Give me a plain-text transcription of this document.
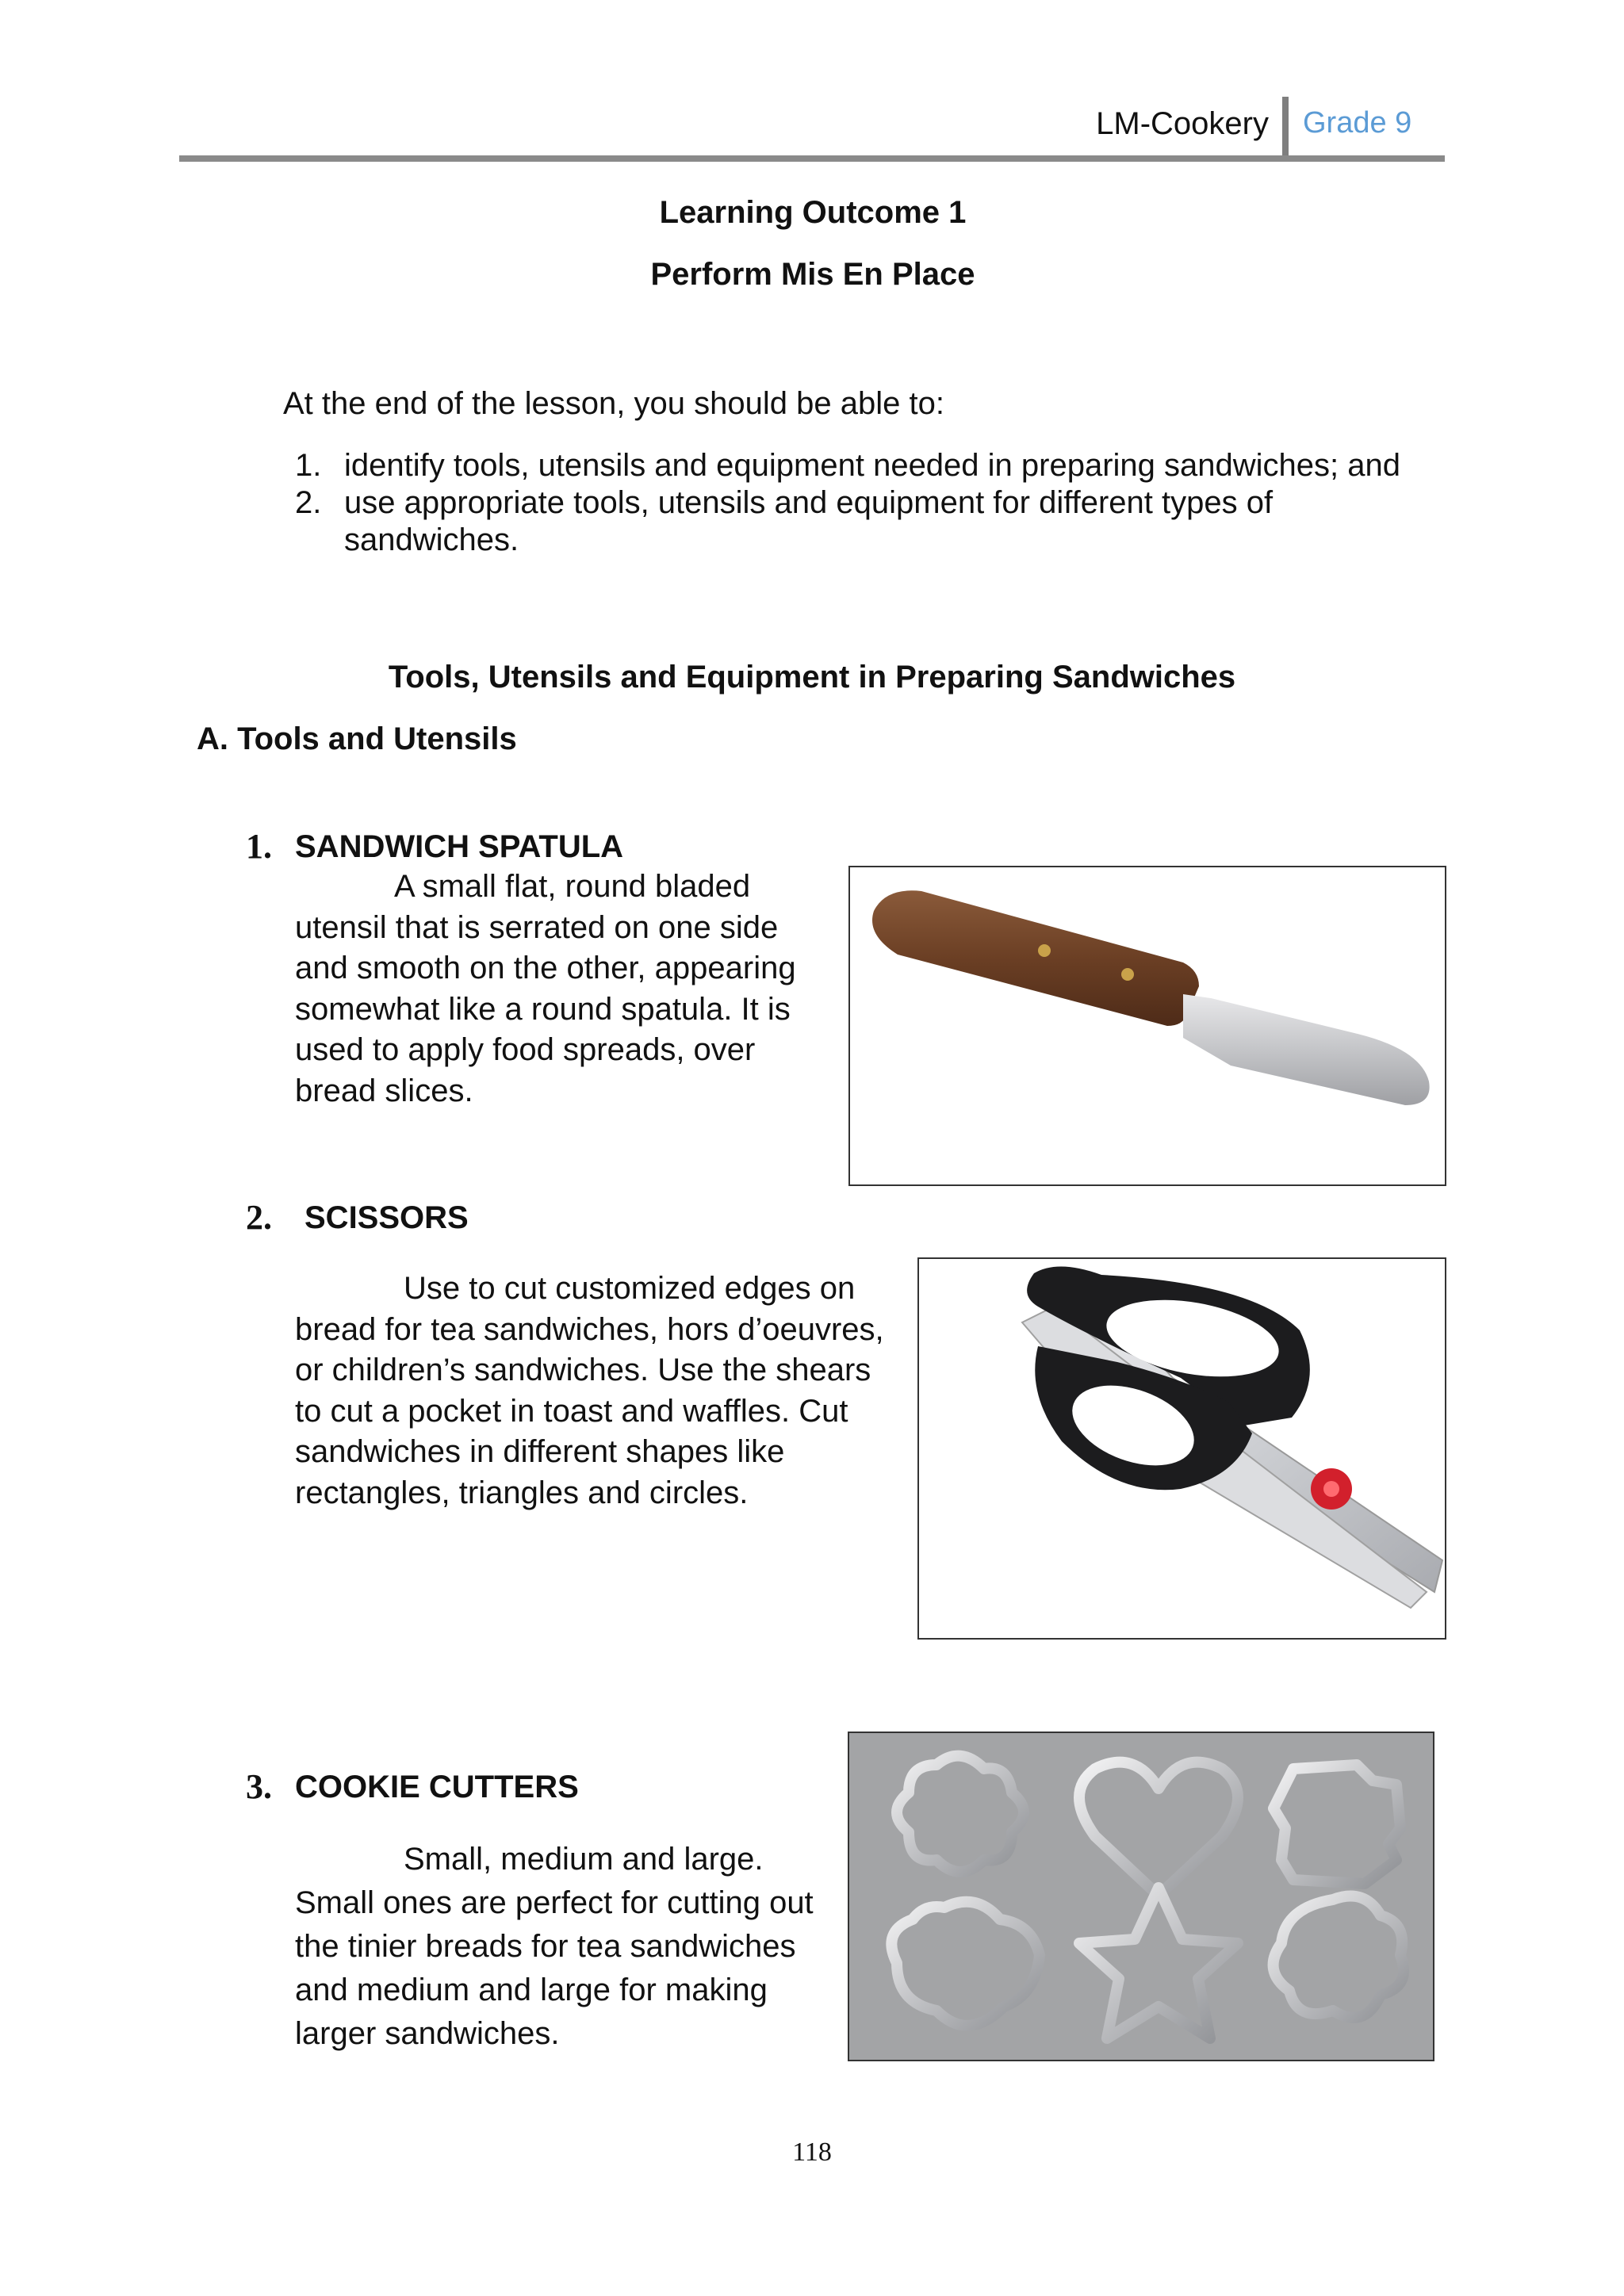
LM-Cookery Grade 9
Learning Outcome 1
Perform Mis En Place
At the end of the lesson, you should be able to:
1. identify tools, utensils and equipment needed in preparing sandwiches; and
2. use appropriate tools, utensils and equipment for different types of sandwiches.
Tools, Utensils and Equipment in Preparing Sandwiches
A. Tools and Utensils
1. SANDWICH SPATULA
A small flat, round bladed utensil that is serrated on one side and smooth on the other, appearing somewhat like a round spatula. It is used to apply food spreads, over bread slices.
2. SCISSORS
Use to cut customized edges on bread for tea sandwiches, hors d’oeuvres, or children’s sandwiches. Use the shears to cut a pocket in toast and waffles. Cut sandwiches in different shapes like rectangles, triangles and circles.
3. COOKIE CUTTERS
Small, medium and large. Small ones are perfect for cutting out the tinier breads for tea sandwiches and medium and large for making larger sandwiches.
118
